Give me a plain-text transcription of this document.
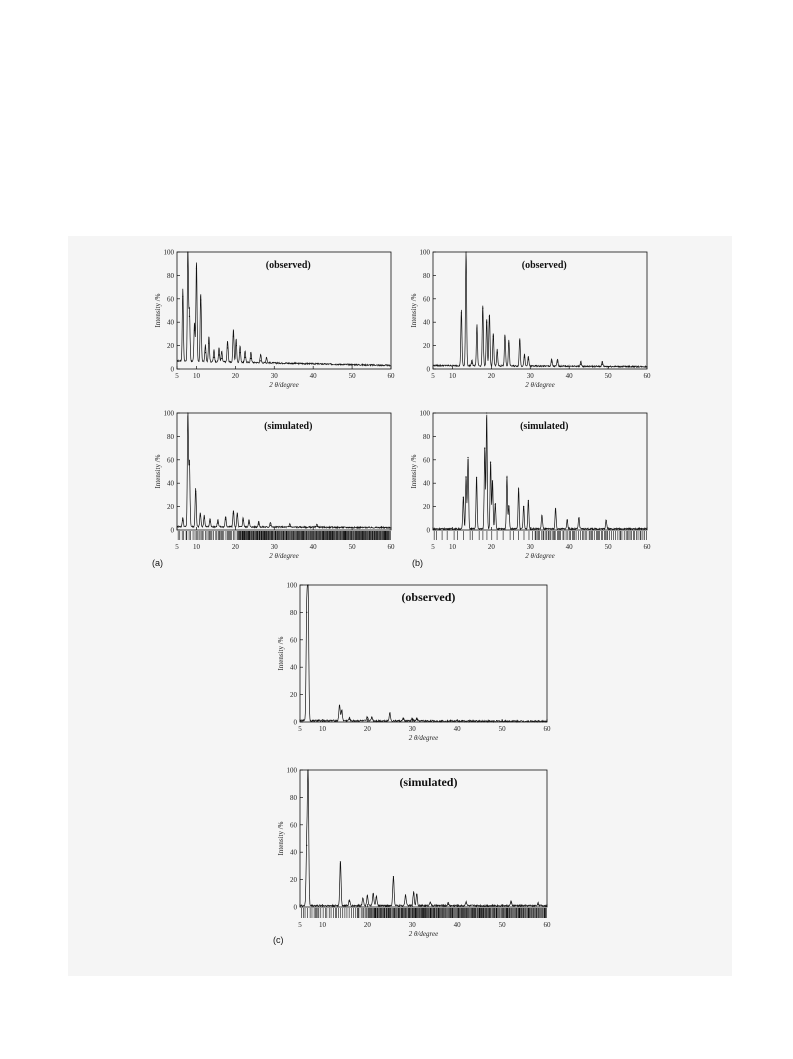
(a)	(b)
(c)
0
20
40
60
80
100
5 10	20	30	40	50	60
2 θ/degree
Intensity /%
(observed)
0
20
40
60
80
100
5 10	20	30	40	50	60
2 θ/degree
Intensity /%
(simulated)
0
20
40
60
80
100
5 10	20	30	40	50	60
2 θ/degree
Intensity /%
(observed)
0
20
40
60
80
100
5 10	20	30	40	50	60
2 θ/degree
Intensity /%
(simulated)
0
20
40
60
80
100
5 10	20	30	40	50	60
2 θ/degree
Intensity /%
(observed)
0
20
40
60
80
100
5 10	20	30	40	50	60
2 θ/degree
Intensity /%
(simulated)
